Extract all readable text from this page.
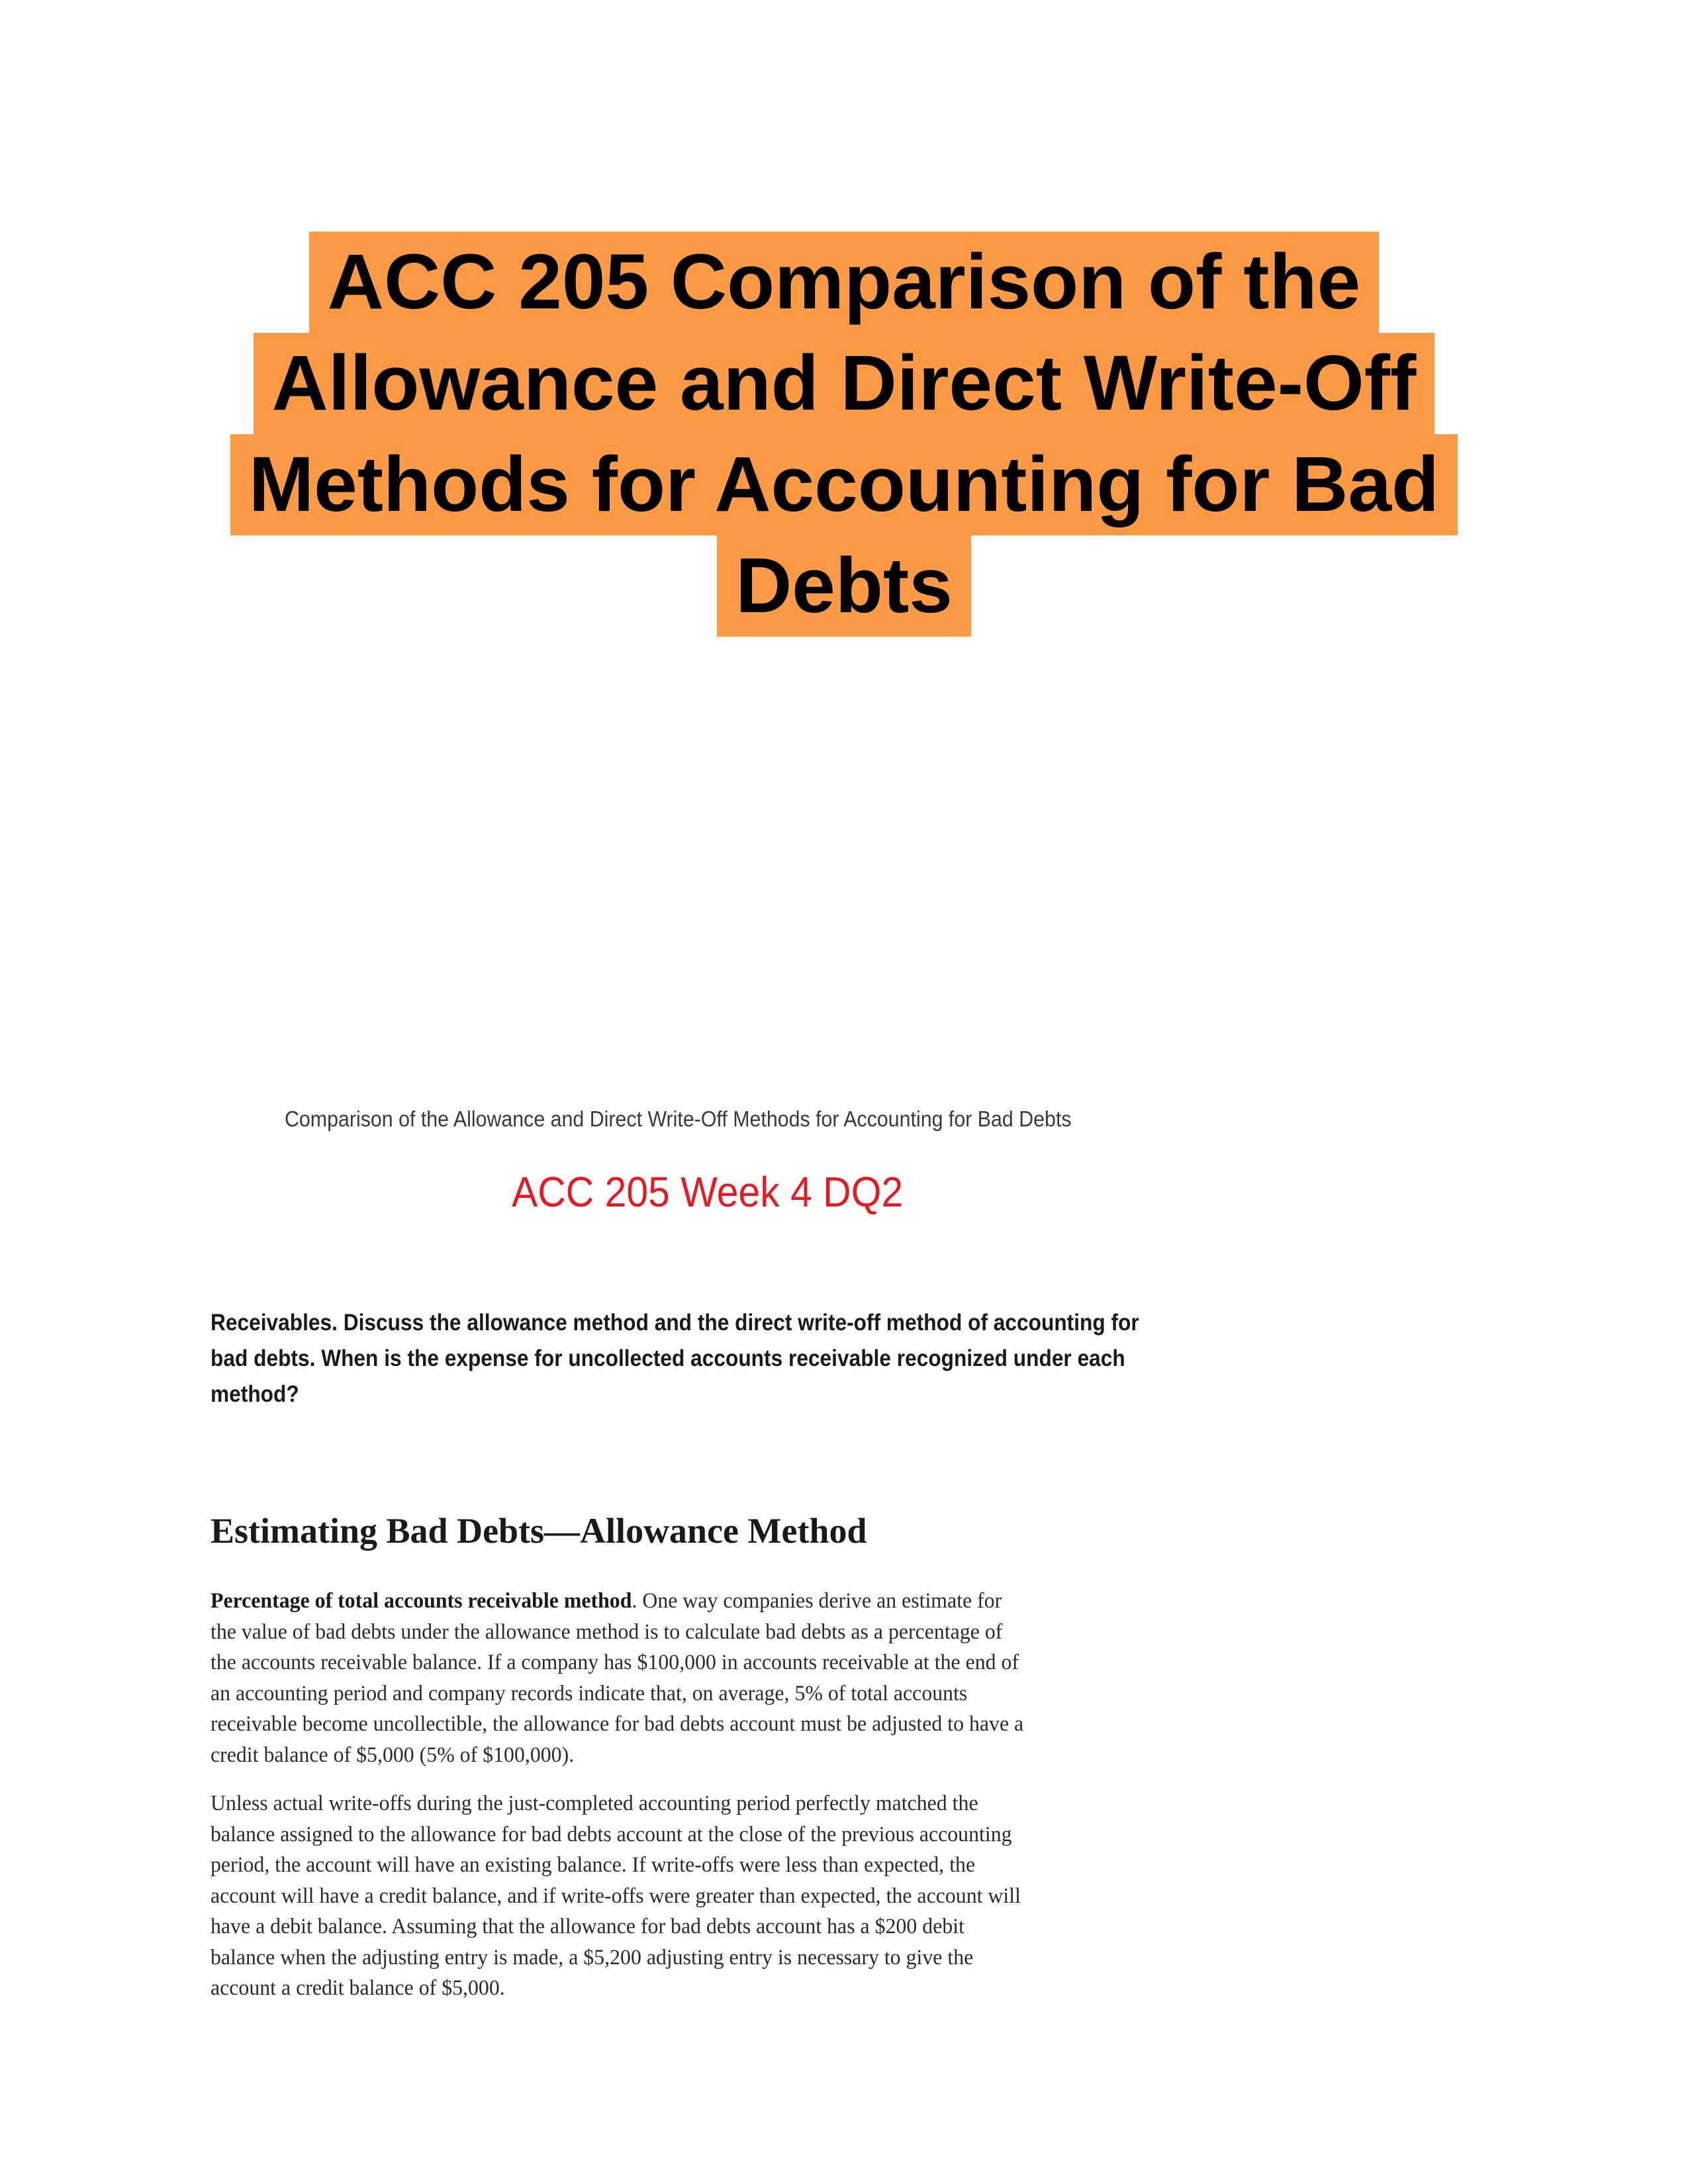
ACC 205 Comparison of the
Allowance and Direct Write-Off
Methods for Accounting for Bad
Debts
Comparison of the Allowance and Direct Write-Off Methods for Accounting for Bad Debts
ACC 205 Week 4 DQ2
Receivables. Discuss the allowance method and the direct write-off method of accounting for
bad debts. When is the expense for uncollected accounts receivable recognized under each
method?
Estimating Bad Debts—Allowance Method
Percentage of total accounts receivable method. One way companies derive an estimate for
the value of bad debts under the allowance method is to calculate bad debts as a percentage of
the accounts receivable balance. If a company has $100,000 in accounts receivable at the end of
an accounting period and company records indicate that, on average, 5% of total accounts
receivable become uncollectible, the allowance for bad debts account must be adjusted to have a
credit balance of $5,000 (5% of $100,000).
Unless actual write-offs during the just-completed accounting period perfectly matched the
balance assigned to the allowance for bad debts account at the close of the previous accounting
period, the account will have an existing balance. If write-offs were less than expected, the
account will have a credit balance, and if write-offs were greater than expected, the account will
have a debit balance. Assuming that the allowance for bad debts account has a $200 debit
balance when the adjusting entry is made, a $5,200 adjusting entry is necessary to give the
account a credit balance of $5,000.
